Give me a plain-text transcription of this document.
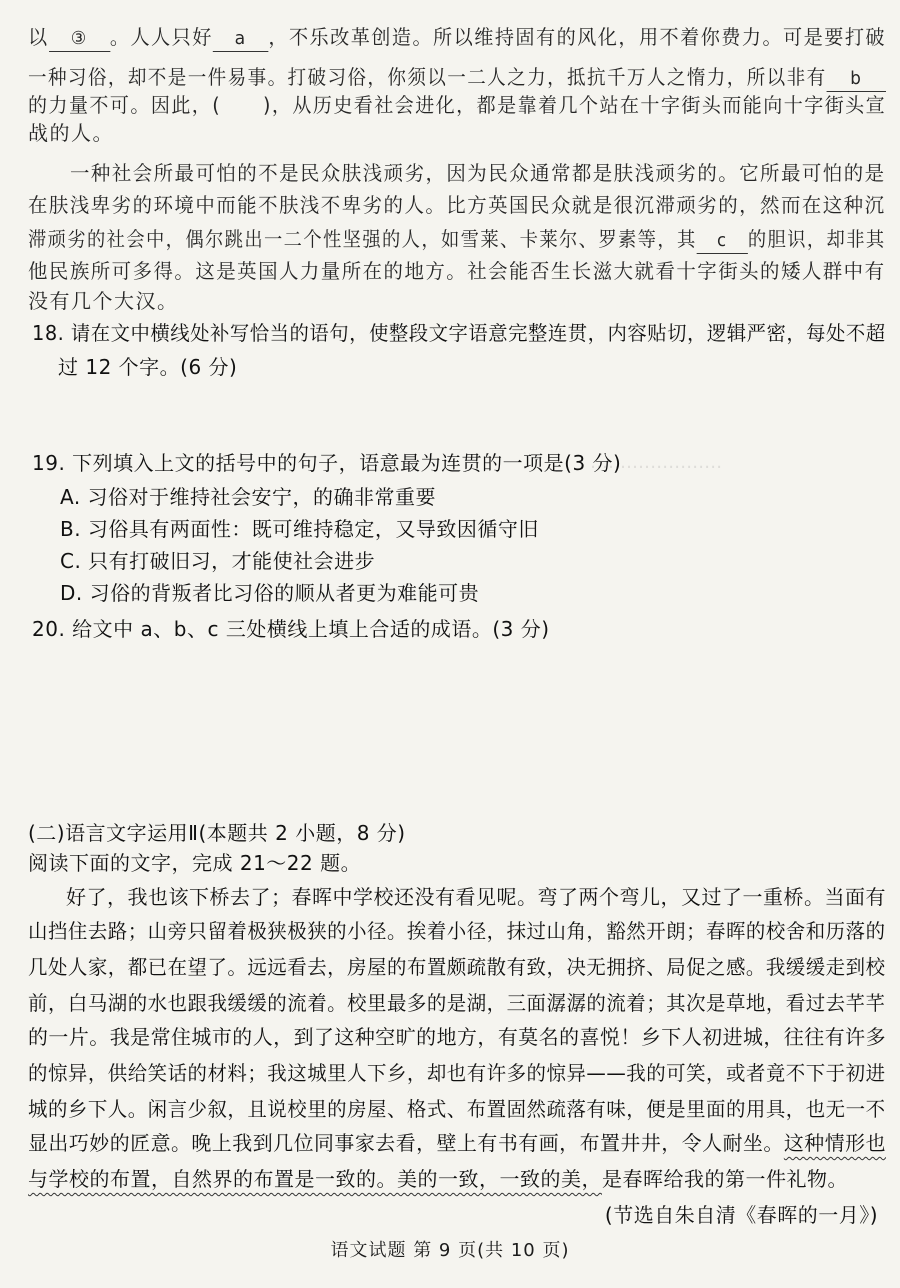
‥‥‥‥‥‥‥‥‥‥‥
以 ③ 。人人只好 a ，不乐改革创造。所以维持固有的风化，用不着你费力。可是要打破
一种习俗，却不是一件易事。打破习俗，你须以一二人之力，抵抗千万人之惰力，所以非有 b
的力量不可。因此，( )，从历史看社会进化，都是靠着几个站在十字街头而能向十字街头宣
战的人。
一种社会所最可怕的不是民众肤浅顽劣，因为民众通常都是肤浅顽劣的。它所最可怕的是
在肤浅卑劣的环境中而能不肤浅不卑劣的人。比方英国民众就是很沉滞顽劣的，然而在这种沉
滞顽劣的社会中，偶尔跳出一二个性坚强的人，如雪莱、卡莱尔、罗素等，其 c 的胆识，却非其
他民族所可多得。这是英国人力量所在的地方。社会能否生长滋大就看十字街头的矮人群中有
没有几个大汉。
18. 请在文中横线处补写恰当的语句，使整段文字语意完整连贯，内容贴切，逻辑严密，每处不超
过 12 个字。(6 分)
19. 下列填入上文的括号中的句子，语意最为连贯的一项是(3 分)
A. 习俗对于维持社会安宁，的确非常重要
B. 习俗具有两面性：既可维持稳定，又导致因循守旧
C. 只有打破旧习，才能使社会进步
D. 习俗的背叛者比习俗的顺从者更为难能可贵
20. 给文中 a、b、c 三处横线上填上合适的成语。(3 分)
(二)语言文字运用Ⅱ(本题共 2 小题，8 分)
阅读下面的文字，完成 21～22 题。
好了，我也该下桥去了；春晖中学校还没有看见呢。弯了两个弯儿，又过了一重桥。当面有
山挡住去路；山旁只留着极狭极狭的小径。挨着小径，抹过山角，豁然开朗；春晖的校舍和历落的
几处人家，都已在望了。远远看去，房屋的布置颇疏散有致，决无拥挤、局促之感。我缓缓走到校
前，白马湖的水也跟我缓缓的流着。校里最多的是湖，三面潺潺的流着；其次是草地，看过去芊芊
的一片。我是常住城市的人，到了这种空旷的地方，有莫名的喜悦！乡下人初进城，往往有许多
的惊异，供给笑话的材料；我这城里人下乡，却也有许多的惊异——我的可笑，或者竟不下于初进
城的乡下人。闲言少叙，且说校里的房屋、格式、布置固然疏落有味，便是里面的用具，也无一不
显出巧妙的匠意。晚上我到几位同事家去看，壁上有书有画，布置井井，令人耐坐。这种情形也
与学校的布置，自然界的布置是一致的。美的一致，一致的美，是春晖给我的第一件礼物。
(节选自朱自清《春晖的一月》)
语文试题 第 9 页(共 10 页)
